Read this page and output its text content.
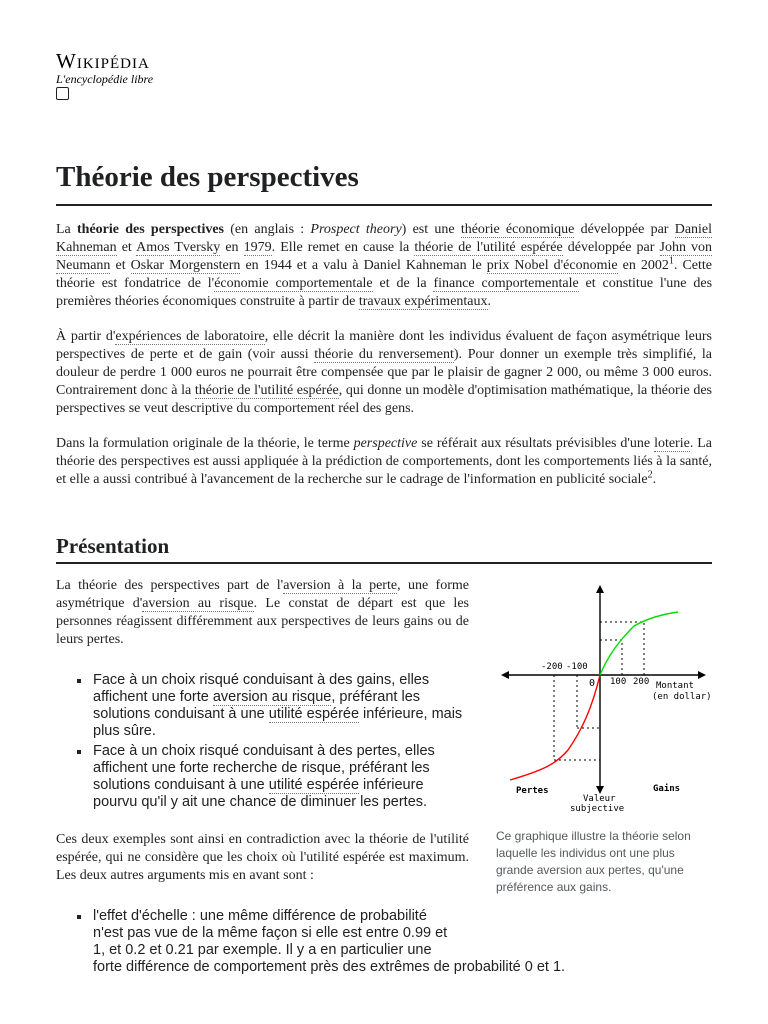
Wikipédia
L'encyclopédie libre
Théorie des perspectives

La théorie des perspectives (en anglais : Prospect theory) est une théorie économique développée par Daniel Kahneman et Amos Tversky en 1979. Elle remet en cause la théorie de l'utilité espérée développée par John von Neumann et Oskar Morgenstern en 1944 et a valu à Daniel Kahneman le prix Nobel d'économie en 2002$^1$. Cette théorie est fondatrice de l'économie comportementale et de la finance comportementale et constitue l'une des premières théories économiques construite à partir de travaux expérimentaux.

À partir d'expériences de laboratoire, elle décrit la manière dont les individus évaluent de façon asymétrique leurs perspectives de perte et de gain (voir aussi théorie du renversement). Pour donner un exemple très simplifié, la douleur de perdre 1 000 euros ne pourrait être compensée que par le plaisir de gagner 2 000, ou même 3 000 euros. Contrairement donc à la théorie de l'utilité espérée, qui donne un modèle d'optimisation mathématique, la théorie des perspectives se veut descriptive du comportement réel des gens.

Dans la formulation originale de la théorie, le terme perspective se référait aux résultats prévisibles d'une loterie. La théorie des perspectives est aussi appliquée à la prédiction de comportements, dont les comportements liés à la santé, et elle a aussi contribué à l'avancement de la recherche sur le cadrage de l'information en publicité sociale$^2$.

Présentation

La théorie des perspectives part de l'aversion à la perte, une forme asymétrique d'aversion au risque. Le constat de départ est que les personnes réagissent différemment aux perspectives de leurs gains ou de leurs pertes.

Face à un choix risqué conduisant à des gains, elles affichent une forte aversion au risque, préférant les solutions conduisant à une utilité espérée inférieure, mais plus sûre.
Face à un choix risqué conduisant à des pertes, elles affichent une forte recherche de risque, préférant les solutions conduisant à une utilité espérée inférieure pourvu qu'il y ait une chance de diminuer les pertes.

Ces deux exemples sont ainsi en contradiction avec la théorie de l'utilité espérée, qui ne considère que les choix où l'utilité espérée est maximum. Les deux autres arguments mis en avant sont :

l'effet d'échelle : une même différence de probabilité
n'est pas vue de la même façon si elle est entre 0.99 et
1, et 0.2 et 0.21 par exemple. Il y a en particulier une
forte différence de comportement près des extrêmes de probabilité 0 et 1.
-200 -100
0 100 200 Montant
(en dollar)
Pertes	Gains
Valeur
subjective
Ce graphique illustre la théorie selon laquelle les individus ont une plus grande aversion aux pertes, qu'une préférence aux gains.
